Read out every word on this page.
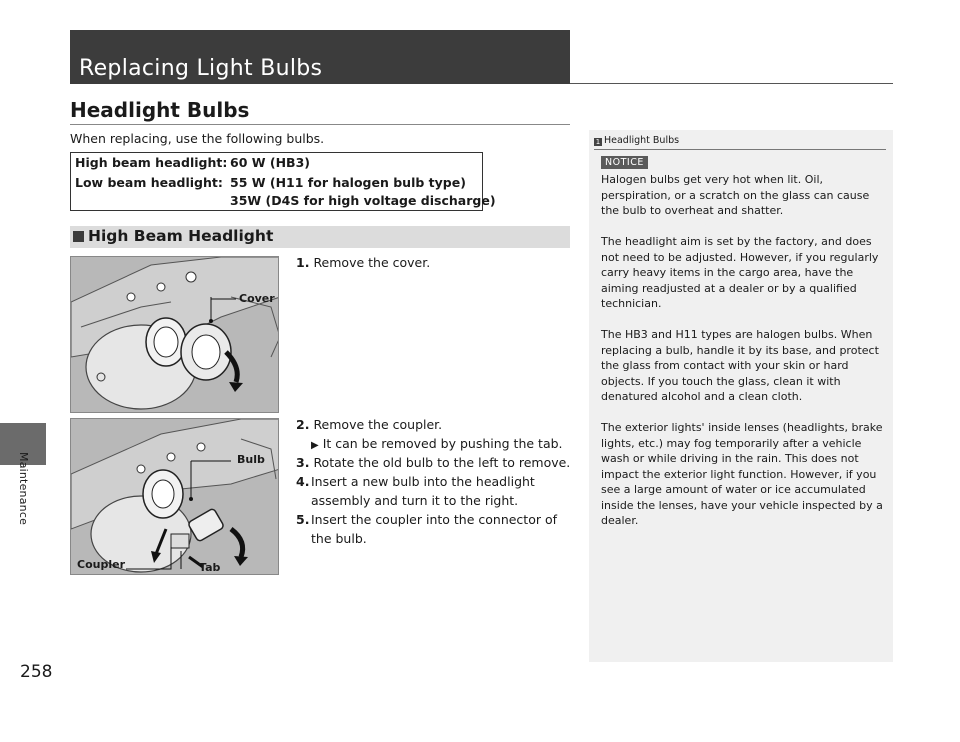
Maintenance
258
Replacing Light Bulbs
Headlight Bulbs
When replacing, use the following bulbs.
High beam headlight: 60 W (HB3)
Low beam headlight: 55 W (H11 for halogen bulb type)
35W (D4S for high voltage discharge)
High Beam Headlight
Cover
Bulb
Coupler	Tab
1. Remove the cover.
2. Remove the coupler.
▶ It can be removed by pushing the tab.
3. Rotate the old bulb to the left to remove.
4. Insert a new bulb into the headlight assembly and turn it to the right.
5. Insert the coupler into the connector of the bulb.
1 Headlight Bulbs
NOTICE

Halogen bulbs get very hot when lit. Oil, perspiration, or a scratch on the glass can cause the bulb to overheat and shatter.

The headlight aim is set by the factory, and does not need to be adjusted. However, if you regularly carry heavy items in the cargo area, have the aiming readjusted at a dealer or by a qualified technician.

The HB3 and H11 types are halogen bulbs. When replacing a bulb, handle it by its base, and protect the glass from contact with your skin or hard objects. If you touch the glass, clean it with denatured alcohol and a clean cloth.

The exterior lights' inside lenses (headlights, brake lights, etc.) may fog temporarily after a vehicle wash or while driving in the rain. This does not impact the exterior light function. However, if you see a large amount of water or ice accumulated inside the lenses, have your vehicle inspected by a dealer.
